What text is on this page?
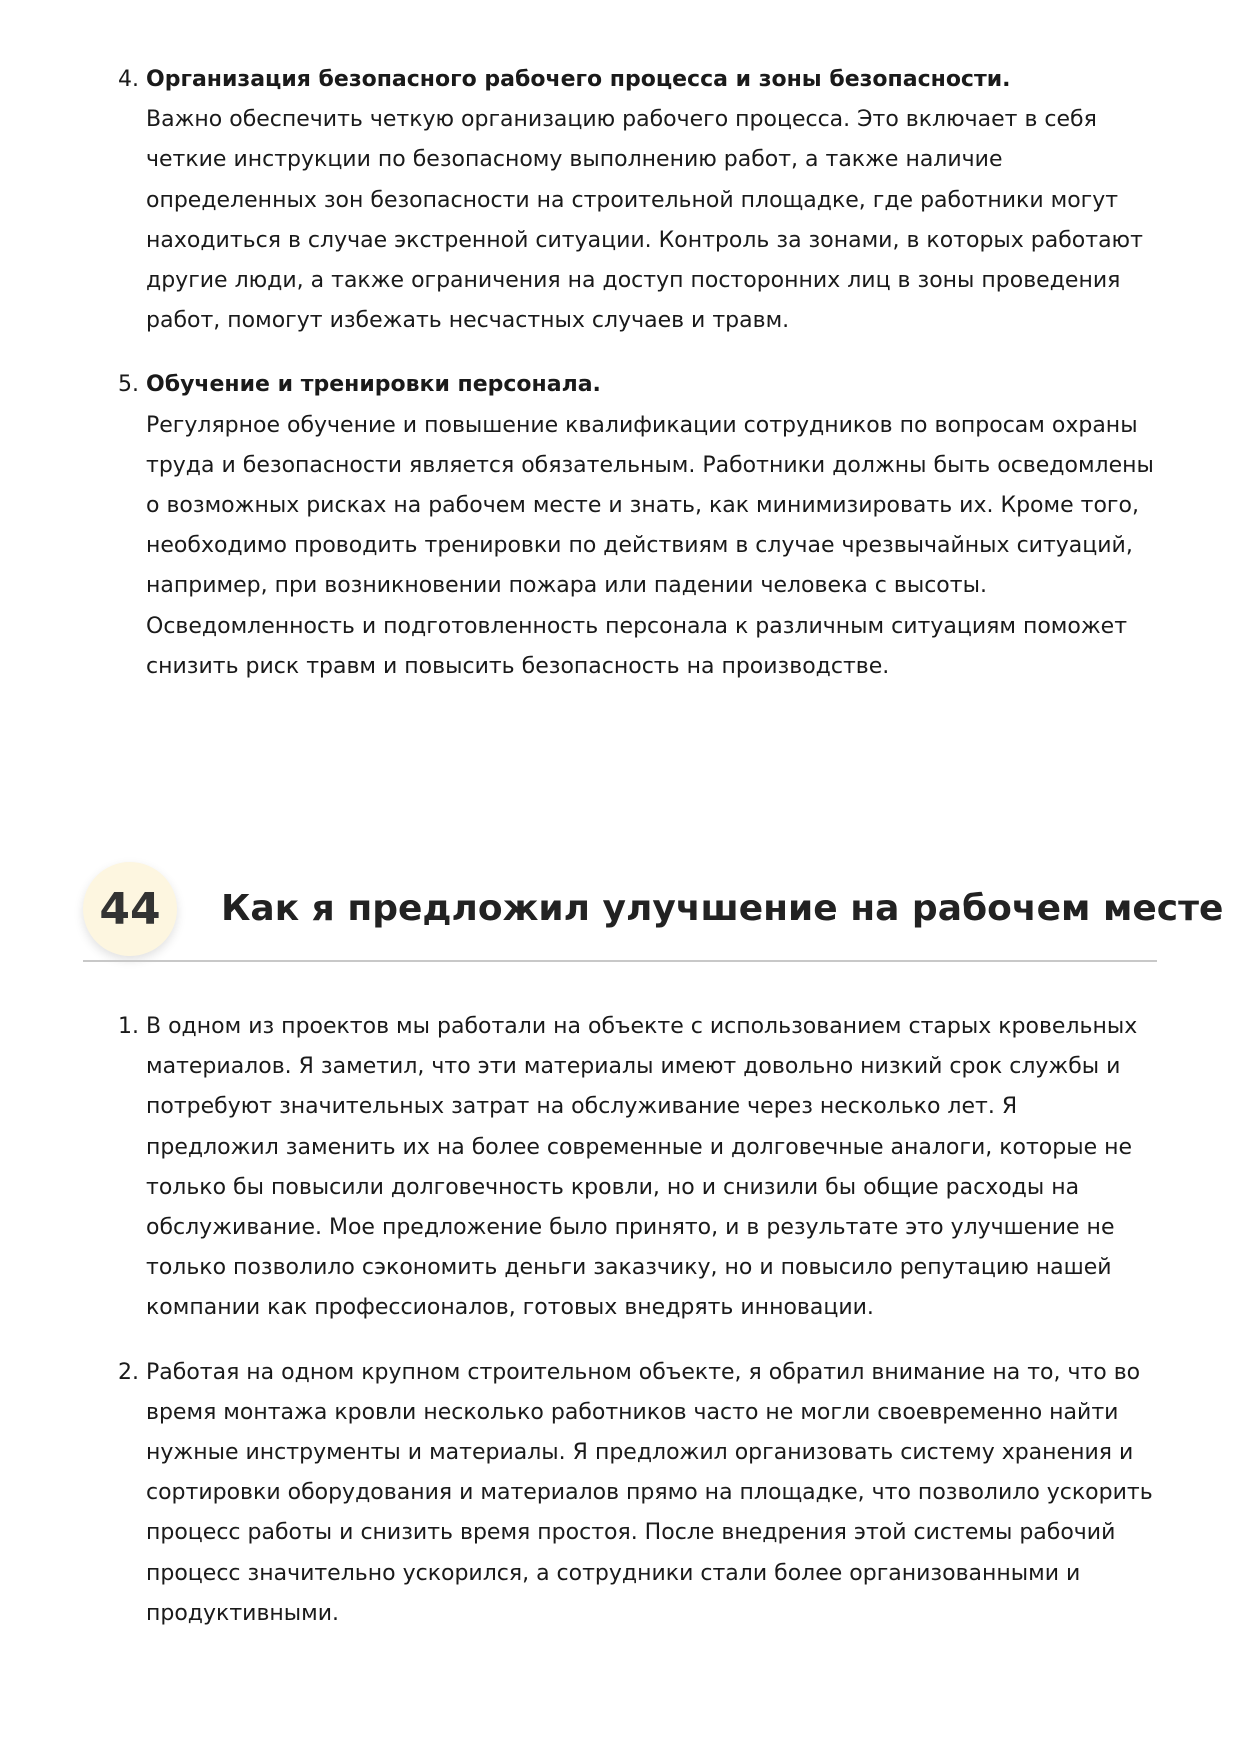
4. Организация безопасного рабочего процесса и зоны безопасности.
Важно обеспечить четкую организацию рабочего процесса. Это включает в себя четкие инструкции по безопасному выполнению работ, а также наличие определенных зон безопасности на строительной площадке, где работники могут находиться в случае экстренной ситуации. Контроль за зонами, в которых работают другие люди, а также ограничения на доступ посторонних лиц в зоны проведения работ, помогут избежать несчастных случаев и травм.
5. Обучение и тренировки персонала.
Регулярное обучение и повышение квалификации сотрудников по вопросам охраны труда и безопасности является обязательным. Работники должны быть осведомлены о возможных рисках на рабочем месте и знать, как минимизировать их. Кроме того, необходимо проводить тренировки по действиям в случае чрезвычайных ситуаций, например, при возникновении пожара или падении человека с высоты. Осведомленность и подготовленность персонала к различным ситуациям поможет снизить риск травм и повысить безопасность на производстве.
44	Как я предложил улучшение на рабочем месте
1. В одном из проектов мы работали на объекте с использованием старых кровельных материалов. Я заметил, что эти материалы имеют довольно низкий срок службы и потребуют значительных затрат на обслуживание через несколько лет. Я предложил заменить их на более современные и долговечные аналоги, которые не только бы повысили долговечность кровли, но и снизили бы общие расходы на обслуживание. Мое предложение было принято, и в результате это улучшение не только позволило сэкономить деньги заказчику, но и повысило репутацию нашей компании как профессионалов, готовых внедрять инновации.
2. Работая на одном крупном строительном объекте, я обратил внимание на то, что во время монтажа кровли несколько работников часто не могли своевременно найти нужные инструменты и материалы. Я предложил организовать систему хранения и сортировки оборудования и материалов прямо на площадке, что позволило ускорить процесс работы и снизить время простоя. После внедрения этой системы рабочий процесс значительно ускорился, а сотрудники стали более организованными и продуктивными.
